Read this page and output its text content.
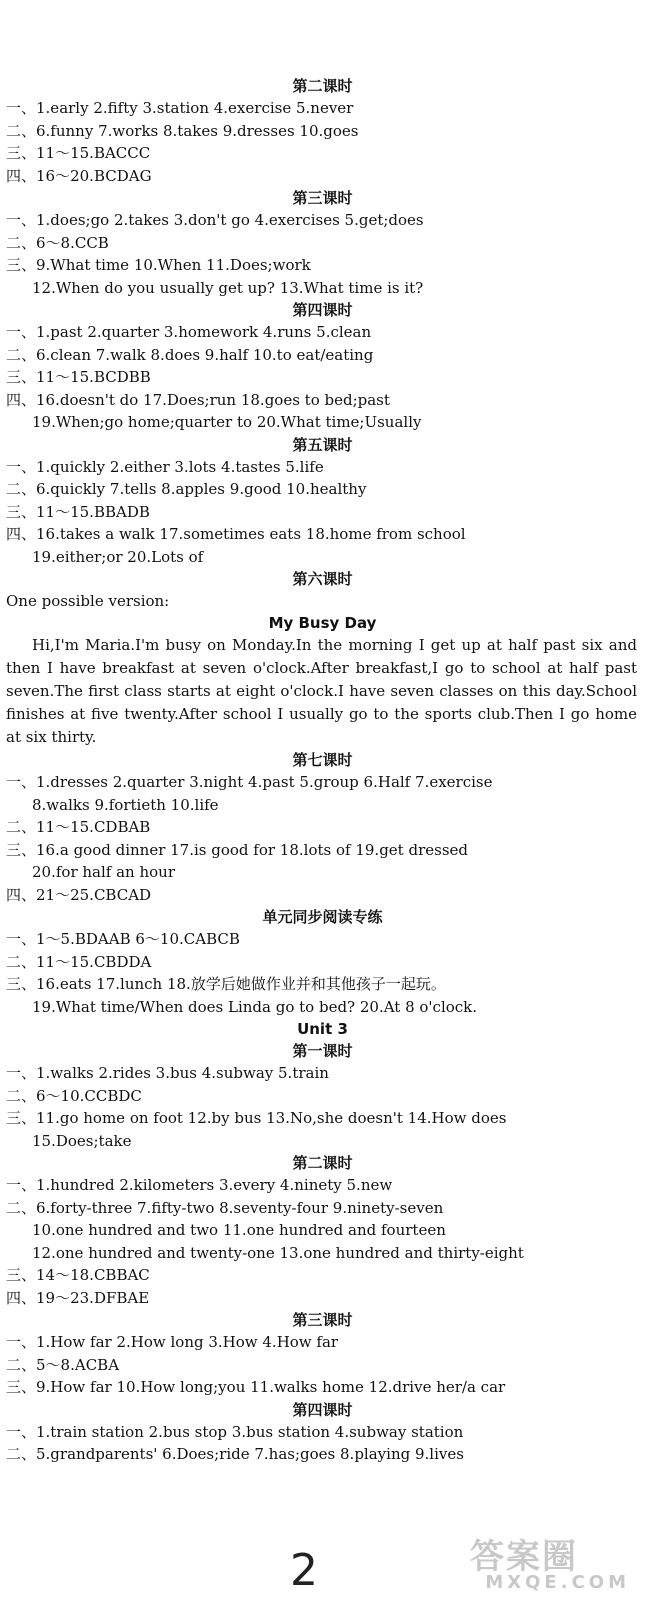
第二课时
一、1.early 2.fifty 3.station 4.exercise 5.never
二、6.funny 7.works 8.takes 9.dresses 10.goes
三、11～15.BACCC
四、16～20.BCDAG
第三课时
一、1.does;go 2.takes 3.don't go 4.exercises 5.get;does
二、6～8.CCB
三、9.What time 10.When 11.Does;work
12.When do you usually get up? 13.What time is it?
第四课时
一、1.past 2.quarter 3.homework 4.runs 5.clean
二、6.clean 7.walk 8.does 9.half 10.to eat/eating
三、11～15.BCDBB
四、16.doesn't do 17.Does;run 18.goes to bed;past
19.When;go home;quarter to 20.What time;Usually
第五课时
一、1.quickly 2.either 3.lots 4.tastes 5.life
二、6.quickly 7.tells 8.apples 9.good 10.healthy
三、11～15.BBADB
四、16.takes a walk 17.sometimes eats 18.home from school
19.either;or 20.Lots of
第六课时
One possible version:
My Busy Day
Hi,I'm Maria.I'm busy on Monday.In the morning I get up at half past six and then I have breakfast at seven o'clock.After breakfast,I go to school at half past seven.The first class starts at eight o'clock.I have seven classes on this day.School finishes at five twenty.After school I usually go to the sports club.Then I go home at six thirty.
第七课时
一、1.dresses 2.quarter 3.night 4.past 5.group 6.Half 7.exercise
8.walks 9.fortieth 10.life
二、11～15.CDBAB
三、16.a good dinner 17.is good for 18.lots of 19.get dressed
20.for half an hour
四、21～25.CBCAD
单元同步阅读专练
一、1～5.BDAAB 6～10.CABCB
二、11～15.CBDDA
三、16.eats 17.lunch 18.放学后她做作业并和其他孩子一起玩。
19.What time/When does Linda go to bed? 20.At 8 o'clock.
Unit 3
第一课时
一、1.walks 2.rides 3.bus 4.subway 5.train
二、6～10.CCBDC
三、11.go home on foot 12.by bus 13.No,she doesn't 14.How does
15.Does;take
第二课时
一、1.hundred 2.kilometers 3.every 4.ninety 5.new
二、6.forty-three 7.fifty-two 8.seventy-four 9.ninety-seven
10.one hundred and two 11.one hundred and fourteen
12.one hundred and twenty-one 13.one hundred and thirty-eight
三、14～18.CBBAC
四、19～23.DFBAE
第三课时
一、1.How far 2.How long 3.How 4.How far
二、5～8.ACBA
三、9.How far 10.How long;you 11.walks home 12.drive her/a car
第四课时
一、1.train station 2.bus stop 3.bus station 4.subway station
二、5.grandparents' 6.Does;ride 7.has;goes 8.playing 9.lives
2	答案圈
MXQE.COM
